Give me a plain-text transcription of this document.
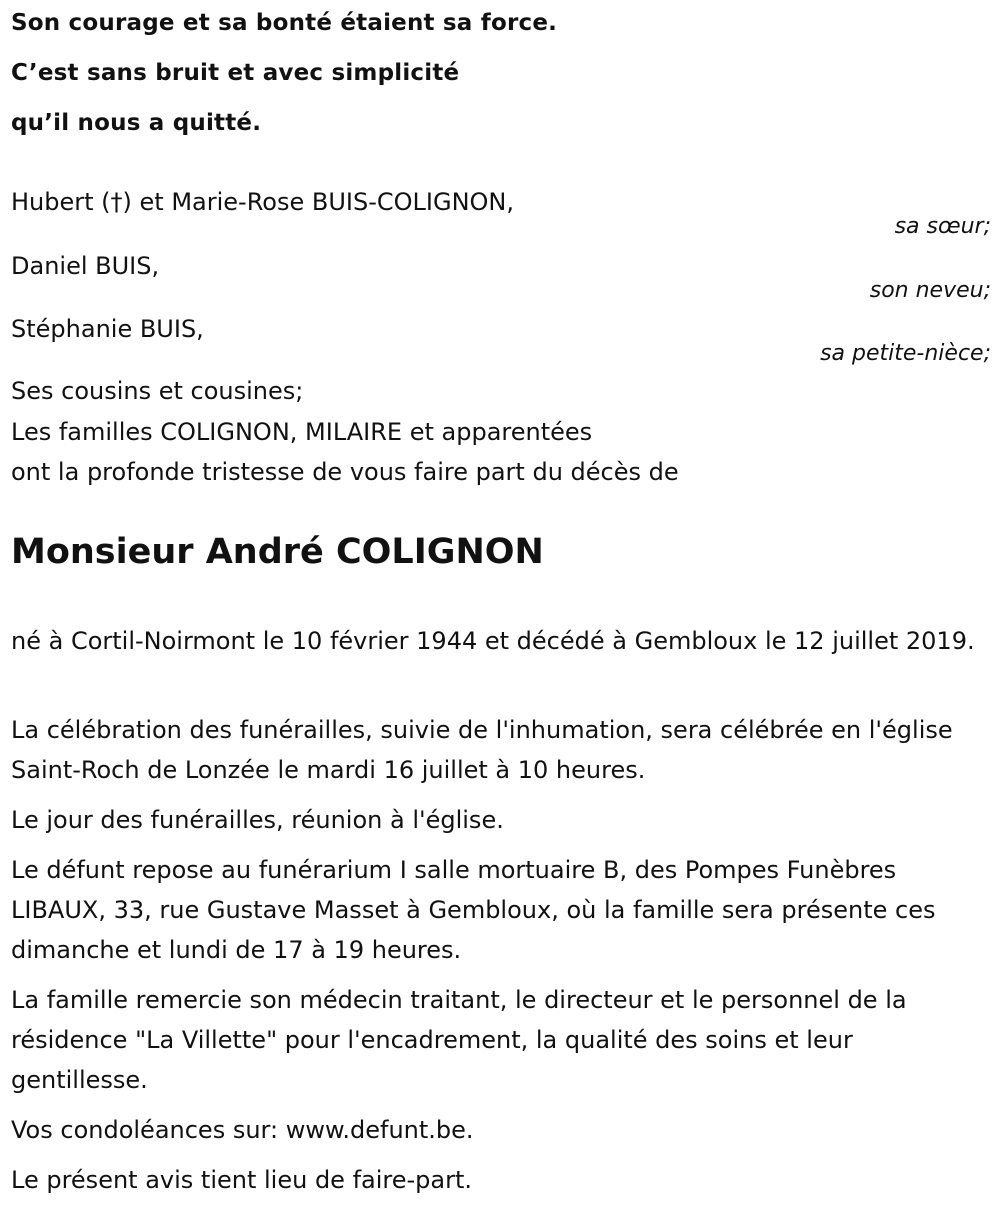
Son courage et sa bonté étaient sa force.
C’est sans bruit et avec simplicité
qu’il nous a quitté.
Hubert (†) et Marie-Rose BUIS-COLIGNON,
sa sœur;
Daniel BUIS,
son neveu;
Stéphanie BUIS,
sa petite-nièce;
Ses cousins et cousines;
Les familles COLIGNON, MILAIRE et apparentées
ont la profonde tristesse de vous faire part du décès de
Monsieur André COLIGNON

né à Cortil-Noirmont le 10 février 1944 et décédé à Gembloux le 12 juillet 2019.

La célébration des funérailles, suivie de l'inhumation, sera célébrée en l'église Saint-Roch de Lonzée le mardi 16 juillet à 10 heures.

Le jour des funérailles, réunion à l'église.

Le défunt repose au funérarium I salle mortuaire B, des Pompes Funèbres LIBAUX, 33, rue Gustave Masset à Gembloux, où la famille sera présente ces dimanche et lundi de 17 à 19 heures.

La famille remercie son médecin traitant, le directeur et le personnel de la résidence "La Villette" pour l'encadrement, la qualité des soins et leur gentillesse.

Vos condoléances sur: www.defunt.be.

Le présent avis tient lieu de faire-part.
